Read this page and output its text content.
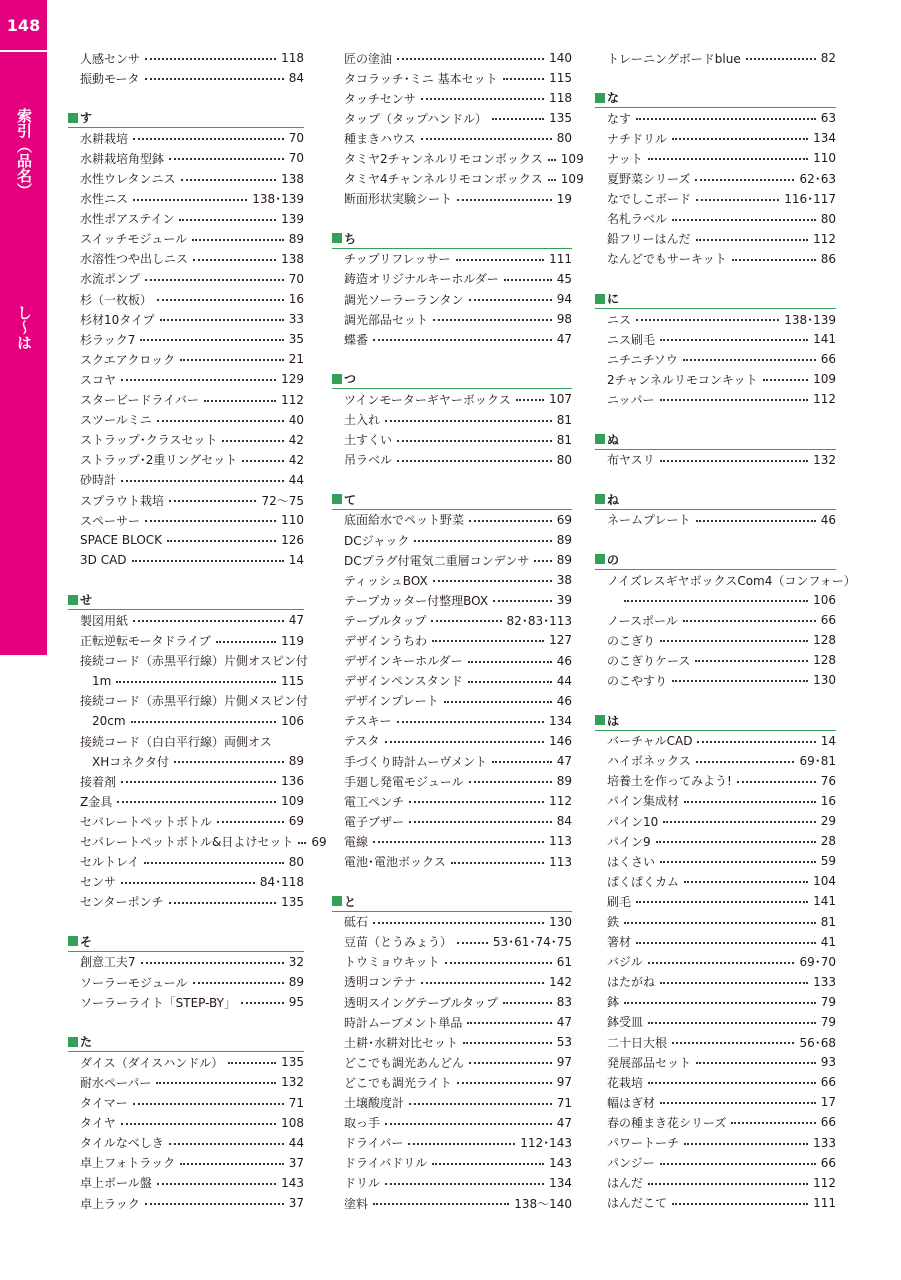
148
索引（品名）
し〜は
人感センサ	118
振動モータ	84
す
水耕栽培	70
水耕栽培角型鉢	70
水性ウレタンニス	138
水性ニス	138･139
水性ポアステイン	139
スイッチモジュール	89
水溶性つや出しニス	138
水流ポンプ	70
杉（一枚板）	16
杉材10タイプ	33
杉ラック7	35
スクエアクロック	21
スコヤ	129
スタービードライバー	112
スツールミニ	40
ストラップ･クラスセット	42
ストラップ･2重リングセット	42
砂時計	44
スプラウト栽培	72〜75
スペーサー	110
SPACE BLOCK	126
3D CAD	14
せ
製図用紙	47
正転逆転モータドライブ	119
接続コード（赤黒平行線）片側オスピン付
1m	115
接続コード（赤黒平行線）片側メスピン付
20cm	106
接続コード（白白平行線）両側オス
XHコネクタ付	89
接着剤	136
Z金具	109
セパレートペットボトル	69
セパレートペットボトル&日よけセット 69
セルトレイ	80
センサ	84･118
センターポンチ	135
そ
創意工夫7	32
ソーラーモジュール	89
ソーラーライト「STEP-BY」	95
た
ダイス（ダイスハンドル）	135
耐水ペーパー	132
タイマー	71
タイヤ	108
タイルなべしき	44
卓上フォトラック	37
卓上ボール盤	143
卓上ラック	37
匠の塗油	140
タコラッチ･ミニ 基本セット	115
タッチセンサ	118
タップ（タップハンドル）	135
種まきハウス	80
タミヤ2チャンネルリモコンボックス 109
タミヤ4チャンネルリモコンボックス 109
断面形状実験シート	19
ち
チップリフレッサー	111
鋳造オリジナルキーホルダー	45
調光ソーラーランタン	94
調光部品セット	98
蝶番	47
つ
ツインモーターギヤーボックス	107
土入れ	81
土すくい	81
吊ラベル	80
て
底面給水でペット野菜	69
DCジャック	89
DCプラグ付電気二重層コンデンサ 89
ティッシュBOX	38
テープカッター付整理BOX	39
テーブルタップ	82･83･113
デザインうちわ	127
デザインキーホルダー	46
デザインペンスタンド	44
デザインプレート	46
テスキー	134
テスタ	146
手づくり時計ムーヴメント	47
手廻し発電モジュール	89
電工ペンチ	112
電子ブザー	84
電線	113
電池･電池ボックス	113
と
砥石	130
豆苗（とうみょう）	53･61･74･75
トウミョウキット	61
透明コンテナ	142
透明スイングテーブルタップ	83
時計ムーブメント単品	47
土耕･水耕対比セット	53
どこでも調光あんどん	97
どこでも調光ライト	97
土壌酸度計	71
取っ手	47
ドライバー	112･143
ドライバドリル	143
ドリル	134
塗料	138〜140
トレーニングボードblue	82
な
なす	63
ナチドリル	134
ナット	110
夏野菜シリーズ	62･63
なでしこボード	116･117
名札ラベル	80
鉛フリーはんだ	112
なんどでもサーキット	86
に
ニス	138･139
ニス刷毛	141
ニチニチソウ	66
2チャンネルリモコンキット	109
ニッパー	112
ぬ
布ヤスリ	132
ね
ネームプレート	46
の
ノイズレスギヤボックスCom4（コンフォー）
106
ノースポール	66
のこぎり	128
のこぎりケース	128
のこやすり	130
は
バーチャルCAD	14
ハイボネックス	69･81
培養土を作ってみよう!	76
パイン集成材	16
パイン10	29
パイン9	28
はくさい	59
ぱくぱくカム	104
刷毛	141
鉄	81
箸材	41
バジル	69･70
はたがね	133
鉢	79
鉢受皿	79
二十日大根	56･68
発展部品セット	93
花栽培	66
幅はぎ材	17
春の種まき花シリーズ	66
パワートーチ	133
パンジー	66
はんだ	112
はんだこて	111
